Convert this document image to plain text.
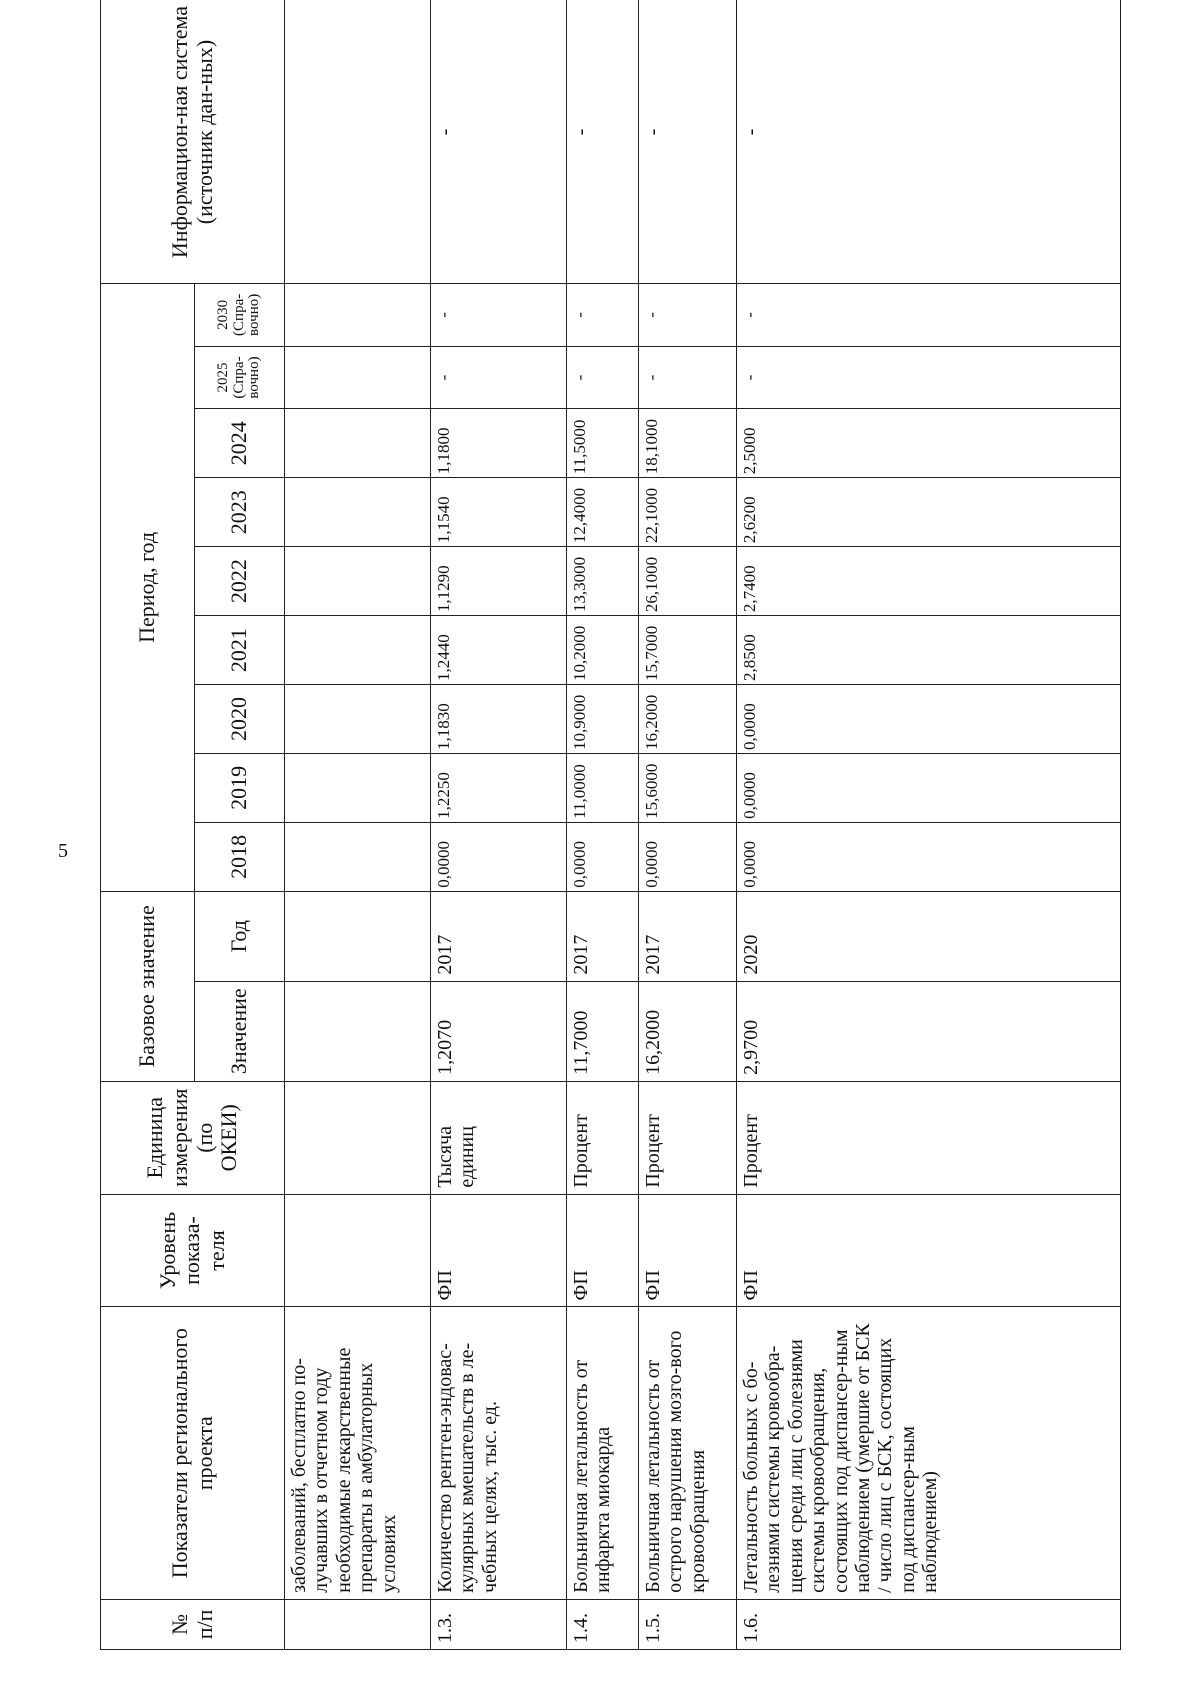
5
№ п/п	Показатели регионального проекта	Уровень показа-теля	Единица измерения (по ОКЕИ)	Базовое значение		Период, год									Информацион-ная система (источник дан-ных)
				Значение	Год	2018	2019	2020	2021	2022	2023	2024	2025 (Спра-вочно)	2030 (Спра-вочно)	
	заболеваний, бесплатно по-лучавших в отчетном году необходимые лекарственные препараты в амбулаторных условиях														
1.3.	Количество рентген-эндоваc-кулярных вмешательств в ле-чебных целях, тыс. ед.	ФП	Тысяча единиц	1,2070	2017	0,0000	1,2250	1,1830	1,2440	1,1290	1,1540	1,1800	-	-	-
1.4.	Больничная летальность от инфаркта миокарда	ФП	Процент	11,7000	2017	0,0000	11,0000	10,9000	10,2000	13,3000	12,4000	11,5000	-	-	-
1.5.	Больничная летальность от острого нарушения мозго-вого кровообращения	ФП	Процент	16,2000	2017	0,0000	15,6000	16,2000	15,7000	26,1000	22,1000	18,1000	-	-	-
1.6.	Летальность больных с бо-лезнями системы кровообра-щения среди лиц с болезнями системы кровообращения, состоящих под диспансер-ным наблюдением (умершие от БСК / число лиц с БСК, состоящих под диспансер-ным наблюдением)	ФП	Процент	2,9700	2020	0,0000	0,0000	0,0000	2,8500	2,7400	2,6200	2,5000	-	-	-
